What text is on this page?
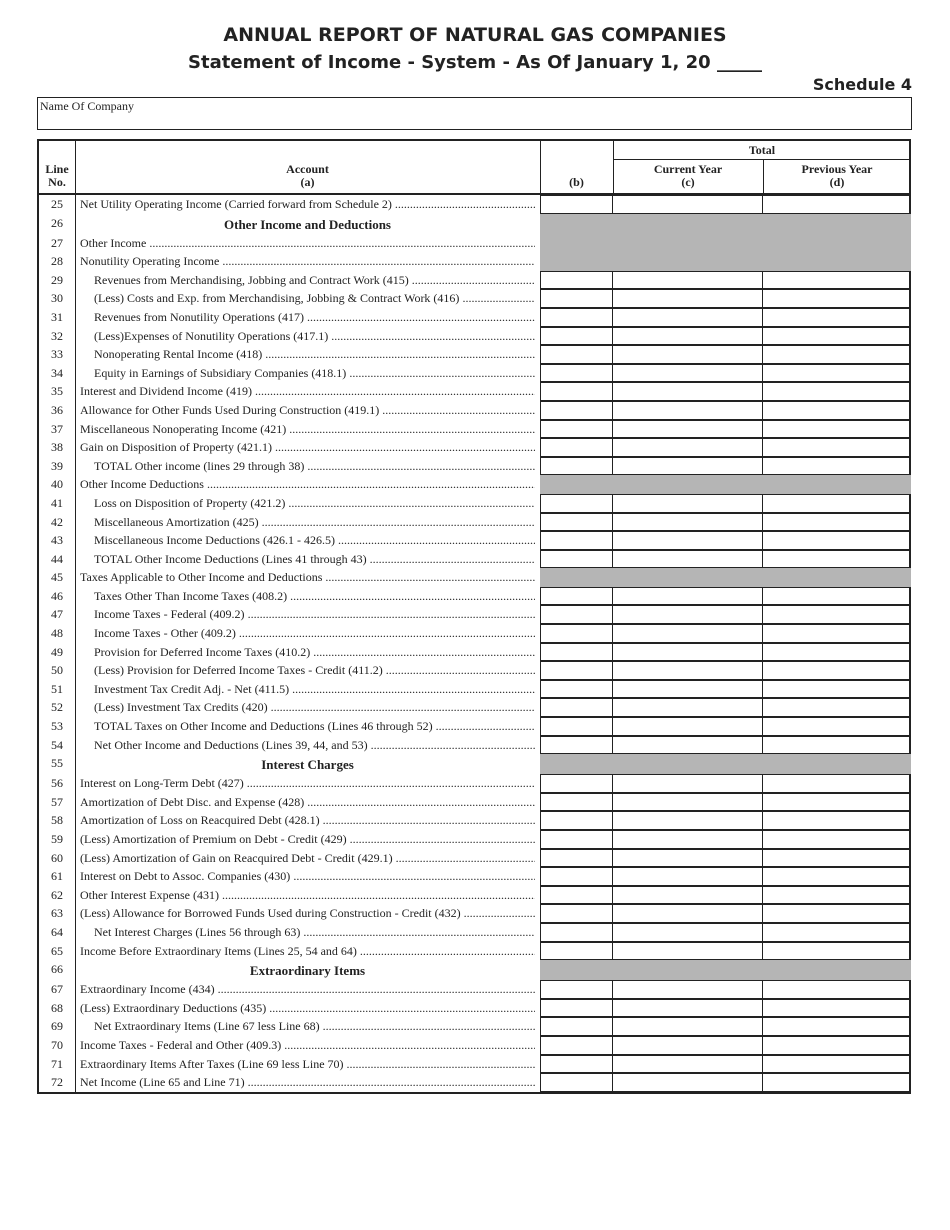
ANNUAL REPORT OF NATURAL GAS COMPANIES
Statement of Income - System - As Of January 1, 20 _____
Schedule 4
Name Of Company
Line
No.
Account
(a)	(b)
Total
Current Year
(c)
Previous Year
(d)
25	Net Utility Operating Income (Carried forward from Schedule 2) .....
26	Other Income and Deductions
27	Other Income .....
28	Nonutility Operating Income .....
29	Revenues from Merchandising, Jobbing and Contract Work (415) .....
30	(Less) Costs and Exp. from Merchandising, Jobbing & Contract Work (416) .....
31	Revenues from Nonutility Operations (417) .....
32	(Less)Expenses of Nonutility Operations (417.1) .....
33	Nonoperating Rental Income (418) .....
34	Equity in Earnings of Subsidiary Companies (418.1) .....
35	Interest and Dividend Income (419) .....
36	Allowance for Other Funds Used During Construction (419.1) .....
37	Miscellaneous Nonoperating Income (421) .....
38	Gain on Disposition of Property (421.1) .....
39	TOTAL Other income (lines 29 through 38) .....
40	Other Income Deductions .....
41	Loss on Disposition of Property (421.2) .....
42	Miscellaneous Amortization (425) .....
43	Miscellaneous Income Deductions (426.1 - 426.5) .....
44	TOTAL Other Income Deductions (Lines 41 through 43) .....
45	Taxes Applicable to Other Income and Deductions .....
46	Taxes Other Than Income Taxes (408.2) .....
47	Income Taxes - Federal (409.2) .....
48	Income Taxes - Other (409.2) .....
49	Provision for Deferred Income Taxes (410.2) .....
50	(Less) Provision for Deferred Income Taxes - Credit (411.2) .....
51	Investment Tax Credit Adj. - Net (411.5) .....
52	(Less) Investment Tax Credits (420) .....
53	TOTAL Taxes on Other Income and Deductions (Lines 46 through 52) .....
54	Net Other Income and Deductions (Lines 39, 44, and 53) .....
55	Interest Charges
56	Interest on Long-Term Debt (427) .....
57	Amortization of Debt Disc. and Expense (428) .....
58	Amortization of Loss on Reacquired Debt (428.1) .....
59	(Less) Amortization of Premium on Debt - Credit (429) .....
60	(Less) Amortization of Gain on Reacquired Debt - Credit (429.1) .....
61	Interest on Debt to Assoc. Companies (430) .....
62	Other Interest Expense (431) .....
63	(Less) Allowance for Borrowed Funds Used during Construction - Credit (432) .....
64	Net Interest Charges (Lines 56 through 63) .....
65	Income Before Extraordinary Items (Lines 25, 54 and 64) .....
66	Extraordinary Items
67	Extraordinary Income (434) .....
68	(Less) Extraordinary Deductions (435) .....
69	Net Extraordinary Items (Line 67 less Line 68) .....
70	Income Taxes - Federal and Other (409.3) .....
71	Extraordinary Items After Taxes (Line 69 less Line 70) .....
72	Net Income (Line 65 and Line 71) .....
